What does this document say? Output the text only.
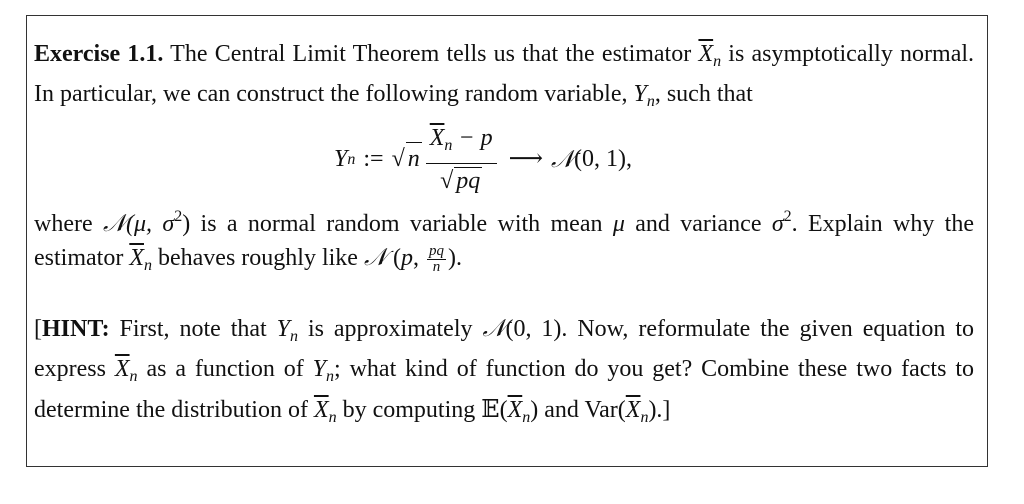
Exercise 1.1. The Central Limit Theorem tells us that the estimator $\overline{X}_n$ is asymptotically normal. In particular, we can construct the following random variable, $Y_n$, such that

Y n := √ n $\frac{\overline{X}_n - p}{√ pq}$ ⟶ 𝒩 (0, 1),

where 𝒩(μ, $\sigma^2$) is a normal random variable with mean μ and variance $\sigma^2$. Explain why the estimator $\overline{X}_n$ behaves roughly like 𝒩 (p, $\frac{pq}{n}$ ).

[HINT: First, note that $Y_n$ is approximately 𝒩(0, 1). Now, reformulate the given equation to express $\overline{X}_n$ as a function of $Y_n$; what kind of function do you get? Combine these two facts to determine the distribution of $\overline{X}_n$ by computing $𝔼(\overline{X}_n)$ and $Var(\overline{X}_n)$.]
